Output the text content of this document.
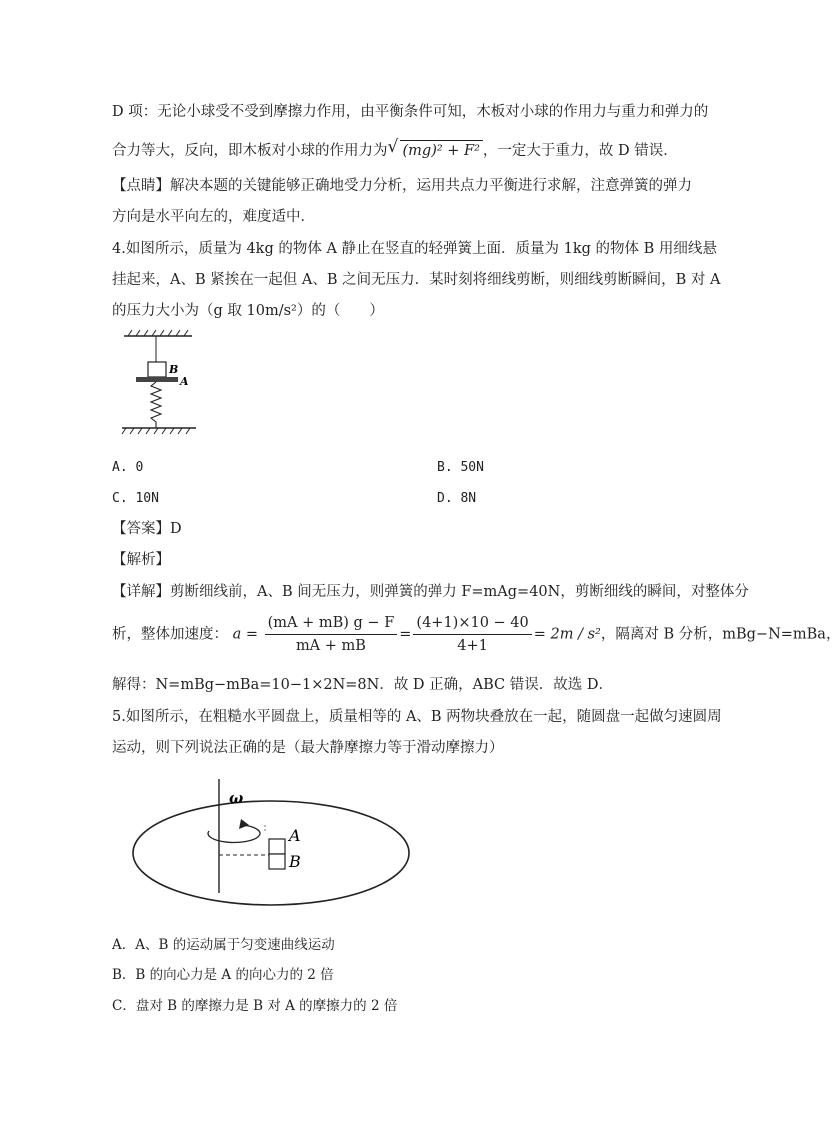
D 项：无论小球受不受到摩擦力作用，由平衡条件可知，木板对小球的作用力与重力和弹力的
合力等大，反向，即木板对小球的作用力为√ (mg)² + F² ，一定大于重力，故 D 错误．
【点睛】解决本题的关键能够正确地受力分析，运用共点力平衡进行求解，注意弹簧的弹力
方向是水平向左的，难度适中．
4.如图所示，质量为 4kg 的物体 A 静止在竖直的轻弹簧上面．质量为 1kg 的物体 B 用细线悬
挂起来，A、B 紧挨在一起但 A、B 之间无压力．某时刻将细线剪断，则细线剪断瞬间，B 对 A
的压力大小为（g 取 10m/s²）的（　　）
B
A
A. 0	B. 50N
C. 10N	D. 8N
【答案】D
【解析】
【详解】剪断细线前，A、B 间无压力，则弹簧的弹力 F=mAg=40N，剪断细线的瞬间，对整体分
析，整体加速度： $a = \frac{(mA + mB) g - F}{mA + mB} = \frac{(4+1)\times 10 - 40}{4+1} = 2m / s^2$，隔离对 B 分析，mBg−N=mBa，
解得：N=mBg−mBa=10−1×2N=8N．故 D 正确，ABC 错误．故选 D．
5.如图所示，在粗糙水平圆盘上，质量相等的 A、B 两物块叠放在一起，随圆盘一起做匀速圆周
运动，则下列说法正确的是（最大静摩擦力等于滑动摩擦力）
ω
A
B
A．A、B 的运动属于匀变速曲线运动
B．B 的向心力是 A 的向心力的 2 倍
C．盘对 B 的摩擦力是 B 对 A 的摩擦力的 2 倍
